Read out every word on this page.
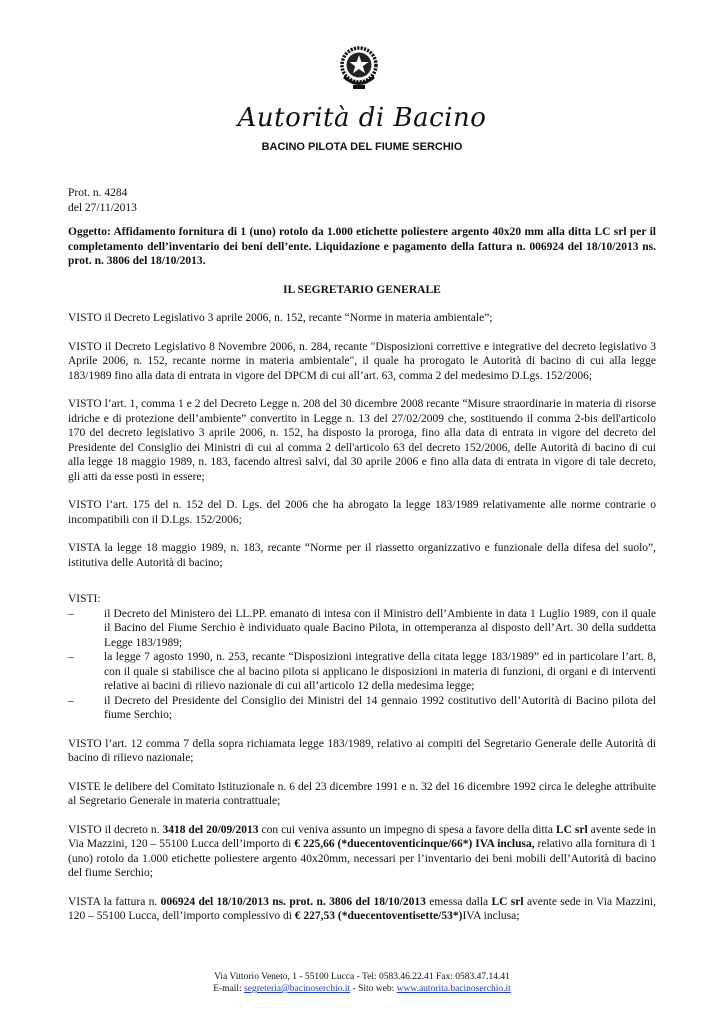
Autorità di Bacino
BACINO PILOTA DEL FIUME SERCHIO
Prot. n. 4284
del 27/11/2013

Oggetto: Affidamento fornitura di 1 (uno) rotolo da 1.000 etichette poliestere argento 40x20 mm alla ditta LC srl per il completamento dell’inventario dei beni dell’ente. Liquidazione e pagamento della fattura n. 006924 del 18/10/2013 ns. prot. n. 3806 del 18/10/2013.

IL SEGRETARIO GENERALE

VISTO il Decreto Legislativo 3 aprile 2006, n. 152, recante “Norme in materia ambientale”;

VISTO il Decreto Legislativo 8 Novembre 2006, n. 284, recante "Disposizioni correttive e integrative del decreto legislativo 3 Aprile 2006, n. 152, recante norme in materia ambientale", il quale ha prorogato le Autorità di bacino di cui alla legge 183/1989 fino alla data di entrata in vigore del DPCM di cui all’art. 63, comma 2 del medesimo D.Lgs. 152/2006;

VISTO l’art. 1, comma 1 e 2 del Decreto Legge n. 208 del 30 dicembre 2008 recante “Misure straordinarie in materia di risorse idriche e di protezione dell’ambiente” convertito in Legge n. 13 del 27/02/2009 che, sostituendo il comma 2-bis dell'articolo 170 del decreto legislativo 3 aprile 2006, n. 152, ha disposto la proroga, fino alla data di entrata in vigore del decreto del Presidente del Consiglio dei Ministri di cui al comma 2 dell'articolo 63 del decreto 152/2006, delle Autorità di bacino di cui alla legge 18 maggio 1989, n. 183, facendo altresì salvi, dal 30 aprile 2006 e fino alla data di entrata in vigore di tale decreto, gli atti da esse posti in essere;

VISTO l’art. 175 del n. 152 del D. Lgs. del 2006 che ha abrogato la legge 183/1989 relativamente alle norme contrarie o incompatibili con il D.Lgs. 152/2006;

VISTA la legge 18 maggio 1989, n. 183, recante “Norme per il riassetto organizzativo e funzionale della difesa del suolo”, istitutiva delle Autorità di bacino;

VISTI:
– il Decreto del Ministero dei LL.PP. emanato di intesa con il Ministro dell’Ambiente in data 1 Luglio 1989, con il quale il Bacino del Fiume Serchio è individuato quale Bacino Pilota, in ottemperanza al disposto dell’Art. 30 della suddetta Legge 183/1989;
– la legge 7 agosto 1990, n. 253, recante “Disposizioni integrative della citata legge 183/1989” ed in particolare l’art. 8, con il quale si stabilisce che al bacino pilota si applicano le disposizioni in materia di funzioni, di organi e di interventi relative ai bacini di rilievo nazionale di cui all’articolo 12 della medesima legge;
– il Decreto del Presidente del Consiglio dei Ministri del 14 gennaio 1992 costitutivo dell’Autorità di Bacino pilota del fiume Serchio;

VISTO l’art. 12 comma 7 della sopra richiamata legge 183/1989, relativo ai compiti del Segretario Generale delle Autorità di bacino di rilievo nazionale;

VISTE le delibere del Comitato Istituzionale n. 6 del 23 dicembre 1991 e n. 32 del 16 dicembre 1992 circa le deleghe attribuite al Segretario Generale in materia contrattuale;

VISTO il decreto n. 3418 del 20/09/2013 con cui veniva assunto un impegno di spesa a favore della ditta LC srl avente sede in Via Mazzini, 120 – 55100 Lucca dell’importo di € 225,66 (*duecentoventicinque/66*) IVA inclusa, relativo alla fornitura di 1 (uno) rotolo da 1.000 etichette poliestere argento 40x20mm, necessari per l’inventario dei beni mobili dell’Autorità di bacino del fiume Serchio;

VISTA la fattura n. 006924 del 18/10/2013 ns. prot. n. 3806 del 18/10/2013 emessa dalla LC srl avente sede in Via Mazzini, 120 – 55100 Lucca, dell’importo complessivo di € 227,53 (*duecentoventisette/53*)IVA inclusa;

Via Vittorio Veneto, 1 - 55100 Lucca - Tel: 0583.46.22.41 Fax: 0583.47.14.41
E-mail: segreteria@bacinoserchio.it - Sito web: www.autorita.bacinoserchio.it
